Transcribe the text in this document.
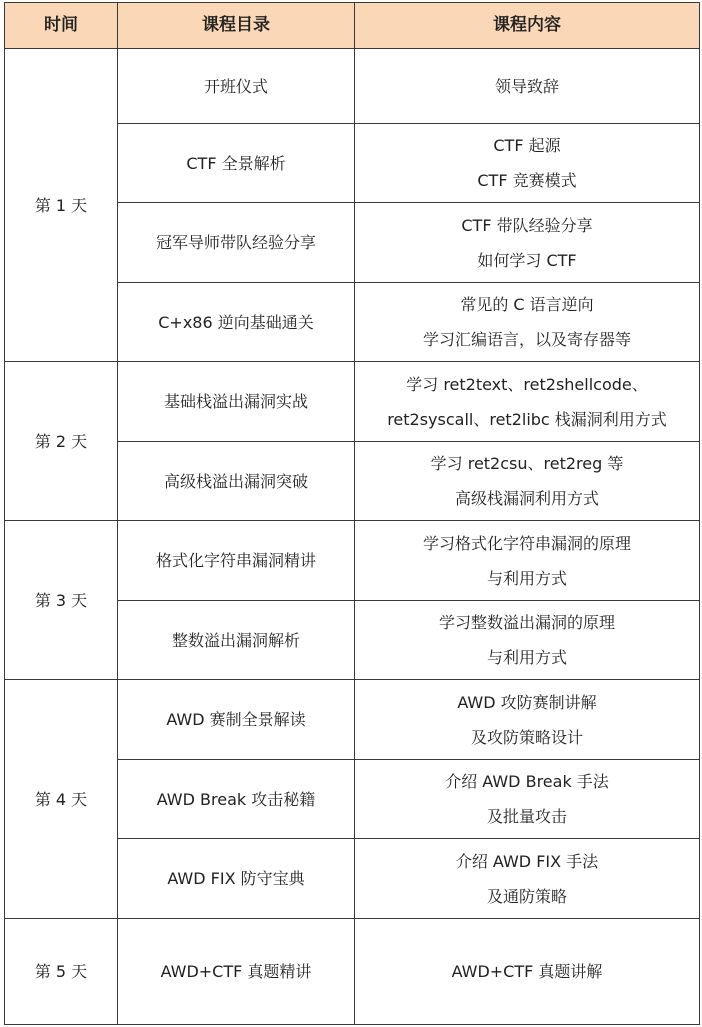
时间	课程目录	课程内容
第 1 天	开班仪式	领导致辞

	CTF 全景解析	CTF 起源
CTF 竞赛模式

	冠军导师带队经验分享	CTF 带队经验分享
如何学习 CTF

	C+x86 逆向基础通关	常见的 C 语言逆向
学习汇编语言，以及寄存器等

第 2 天	基础栈溢出漏洞实战	学习 ret2text、ret2shellcode、
ret2syscall、ret2libc 栈漏洞利用方式

	高级栈溢出漏洞突破	学习 ret2csu、ret2reg 等
高级栈漏洞利用方式

第 3 天	格式化字符串漏洞精讲	学习格式化字符串漏洞的原理
与利用方式

	整数溢出漏洞解析	学习整数溢出漏洞的原理
与利用方式

第 4 天	AWD 赛制全景解读	AWD 攻防赛制讲解
及攻防策略设计

	AWD Break 攻击秘籍	介绍 AWD Break 手法
及批量攻击

	AWD FIX 防守宝典	介绍 AWD FIX 手法
及通防策略

第 5 天	AWD+CTF 真题精讲	AWD+CTF 真题讲解
